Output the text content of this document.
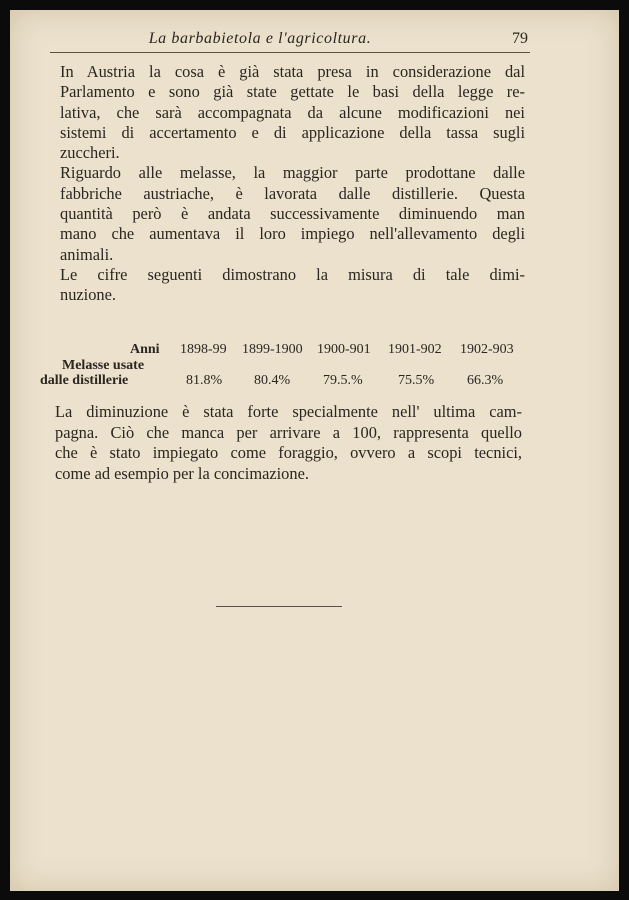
La barbabietola e l'agricoltura.	79

In Austria la cosa è già stata presa in considerazione dal
Parlamento e sono già state gettate le basi della legge re-
lativa, che sarà accompagnata da alcune modificazioni nei
sistemi di accertamento e di applicazione della tassa sugli
zuccheri.

Riguardo alle melasse, la maggior parte prodottane dalle
fabbriche austriache, è lavorata dalle distillerie. Questa
quantità però è andata successivamente diminuendo man
mano che aumentava il loro impiego nell'allevamento degli
animali.

Le cifre seguenti dimostrano la misura di tale dimi-
nuzione.

Anni 1898-99 1899-1900 1900-901 1901-902 1902-903
Melasse usate
dalle distillerie	81.8% 80.4% 79.5.%	75.5% 66.3%

La diminuzione è stata forte specialmente nell' ultima cam-
pagna. Ciò che manca per arrivare a 100, rappresenta quello
che è stato impiegato come foraggio, ovvero a scopi tecnici,
come ad esempio per la concimazione.
